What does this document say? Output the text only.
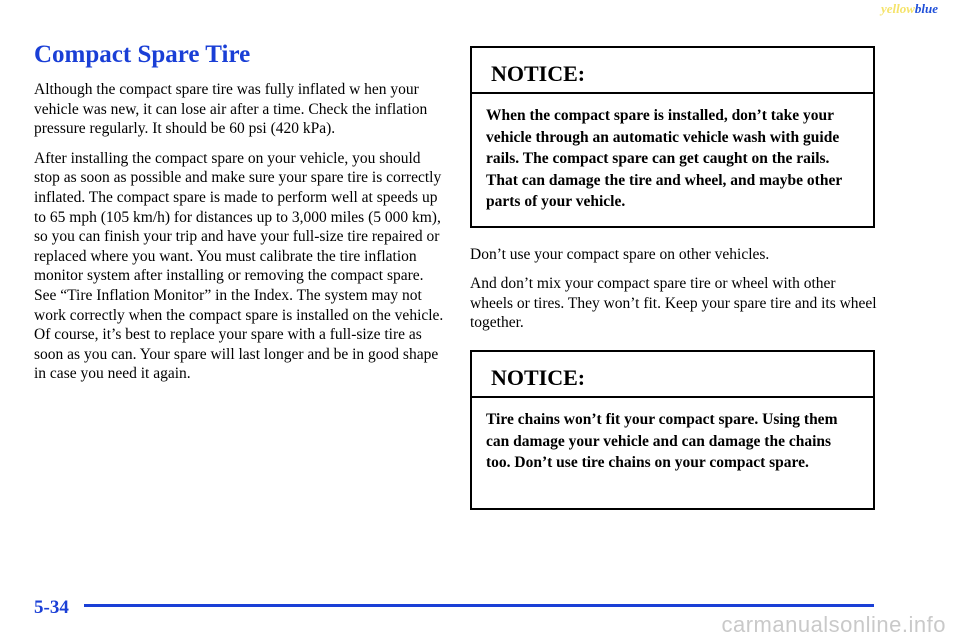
yellowblue
Compact Spare Tire

Although the compact spare tire was fully inflated w hen your vehicle was new, it can lose air after a time. Check the inflation pressure regularly. It should be 60 psi (420 kPa).

After installing the compact spare on your vehicle, you should stop as soon as possible and make sure your spare tire is correctly inflated. The compact spare is made to perform well at speeds up to 65 mph (105 km/h) for distances up to 3,000 miles (5 000 km), so you can finish your trip and have your full-size tire repaired or replaced where you want. You must calibrate the tire inflation monitor system after installing or removing the compact spare. See “Tire Inflation Monitor” in the Index. The system may not work correctly when the compact spare is installed on the vehicle. Of course, it’s best to replace your spare with a full-size tire as soon as you can. Your spare will last longer and be in good shape in case you need it again.

NOTICE:
When the compact spare is installed, don’t take your vehicle through an automatic vehicle wash with guide rails. The compact spare can get caught on the rails. That can damage the tire and wheel, and maybe other parts of your vehicle.

Don’t use your compact spare on other vehicles.

And don’t mix your compact spare tire or wheel with other wheels or tires. They won’t fit. Keep your spare tire and its wheel together.

NOTICE:
Tire chains won’t fit your compact spare. Using them can damage your vehicle and can damage the chains too. Don’t use tire chains on your compact spare.
5-34
carmanualsonline.info
